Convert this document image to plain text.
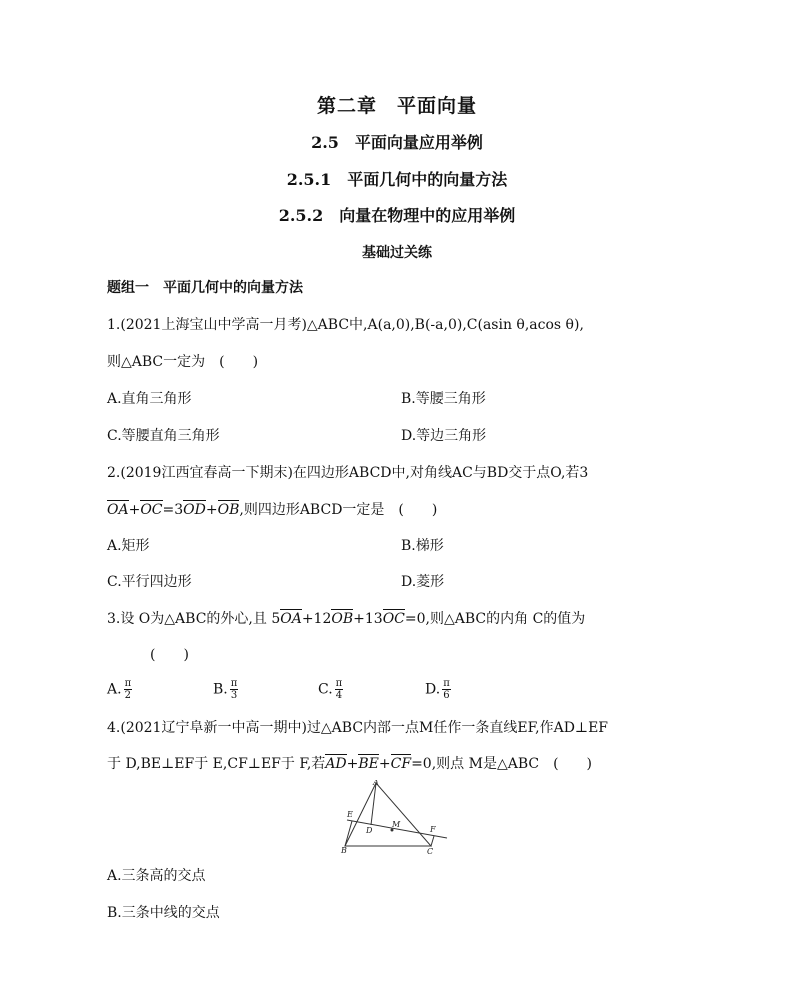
第二章　平面向量
2.5　平面向量应用举例
2.5.1　平面几何中的向量方法
2.5.2　向量在物理中的应用举例
基础过关练
题组一　平面几何中的向量方法
1.(2021上海宝山中学高一月考)△ABC中,A(a,0),B(-a,0),C(asin θ,acos θ),
则△ABC一定为　(　　)
A.直角三角形	B.等腰三角形
C.等腰直角三角形	D.等边三角形
2.(2019江西宜春高一下期末)在四边形ABCD中,对角线AC与BD交于点O,若3
OA+OC=3OD+OB,则四边形ABCD一定是　(　　)
A.矩形	B.梯形
C.平行四边形	D.菱形
3.设 O为△ABC的外心,且 5OA+12OB+13OC=0,则△ABC的内角 C的值为
(　　)
A. $\frac{\pi}{2}$	B. $\frac{\pi}{3}$	C. $\frac{\pi}{4}$	D. $\frac{\pi}{6}$
4.(2021辽宁阜新一中高一期中)过△ABC内部一点M任作一条直线EF,作AD⊥EF
于 D,BE⊥EF于 E,CF⊥EF于 F,若AD+BE+CF=0,则点 M是△ABC　(　　)
A
B	C
D
E
F
M
A.三条高的交点
B.三条中线的交点
